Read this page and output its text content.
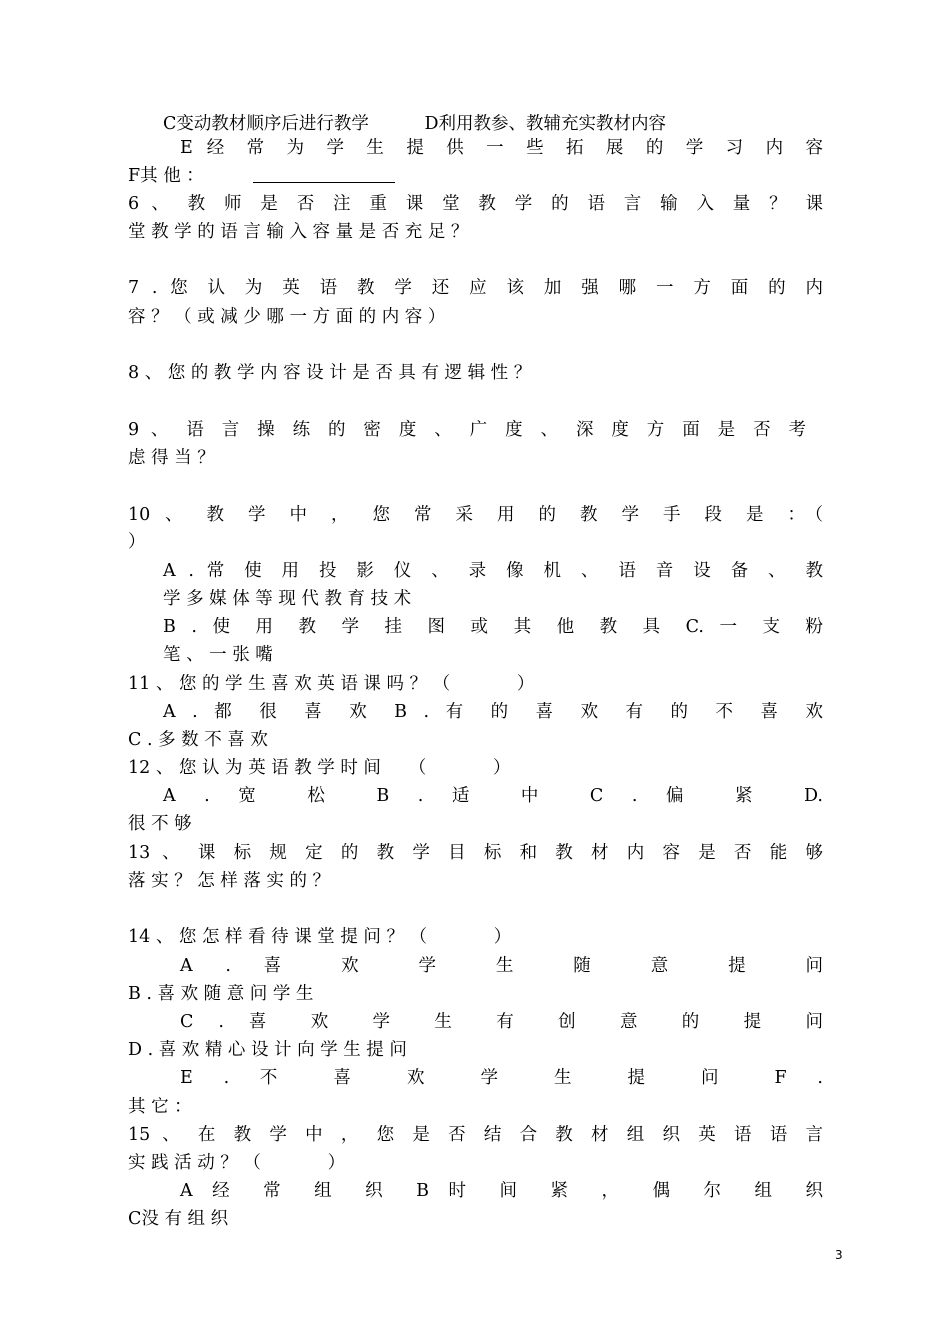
C变动教材顺序后进行教学          D利用教参、教辅充实教材内容
E 经 常 为 学 生 提 供 一 些 拓 展 的 学 习 内 容
F其 他 ：
6 、 教 师 是 否 注 重 课 堂 教 学 的 语 言 输 入 量 ？ 课
堂 教 学 的 语 言 输 入 容 量 是 否 充 足 ？
7 . 您 认 为 英 语 教 学 还 应 该 加 强 哪 一 方 面 的 内
容 ？ （ 或 减 少 哪 一 方 面 的 内 容 ）
8 、 您 的 教 学 内 容 设 计 是 否 具 有 逻 辑 性 ？
9 、 语 言 操 练 的 密 度 、 广 度 、 深 度 方 面 是 否 考
虑 得 当 ？
10 、 教 学 中 ， 您 常 采 用 的 教 学 手 段 是 ：（
）
A . 常 使 用 投 影 仪 、 录 像 机 、 语 音 设 备 、 教
学 多 媒 体 等 现 代 教 育 技 术
B . 使 用 教 学 挂 图 或 其 他 教 具 C. 一 支 粉
笔 、 一 张 嘴
11 、 您 的 学 生 喜 欢 英 语 课 吗 ？ （            ）
A . 都 很 喜 欢 B . 有 的 喜 欢 有 的 不 喜 欢
C . 多 数 不 喜 欢
12 、 您 认 为 英 语 教 学 时 间     （            ）
A . 宽 松 B . 适 中 C . 偏 紧 D.
很 不 够
13 、 课 标 规 定 的 教 学 目 标 和 教 材 内 容 是 否 能 够
落 实 ？ 怎 样 落 实 的 ？
14 、 您 怎 样 看 待 课 堂 提 问 ？ （            ）
A . 喜 欢 学 生 随 意 提 问
B . 喜 欢 随 意 问 学 生
C . 喜 欢 学 生 有 创 意 的 提 问
D . 喜 欢 精 心 设 计 向 学 生 提 问
E . 不 喜 欢 学 生 提 问 F .
其 它 ：
15 、 在 教 学 中 ， 您 是 否 结 合 教 材 组 织 英 语 语 言
实 践 活 动 ？ （            ）
A 经 常 组 织 B 时 间 紧 ， 偶 尔 组 织
C没 有 组 织
3
